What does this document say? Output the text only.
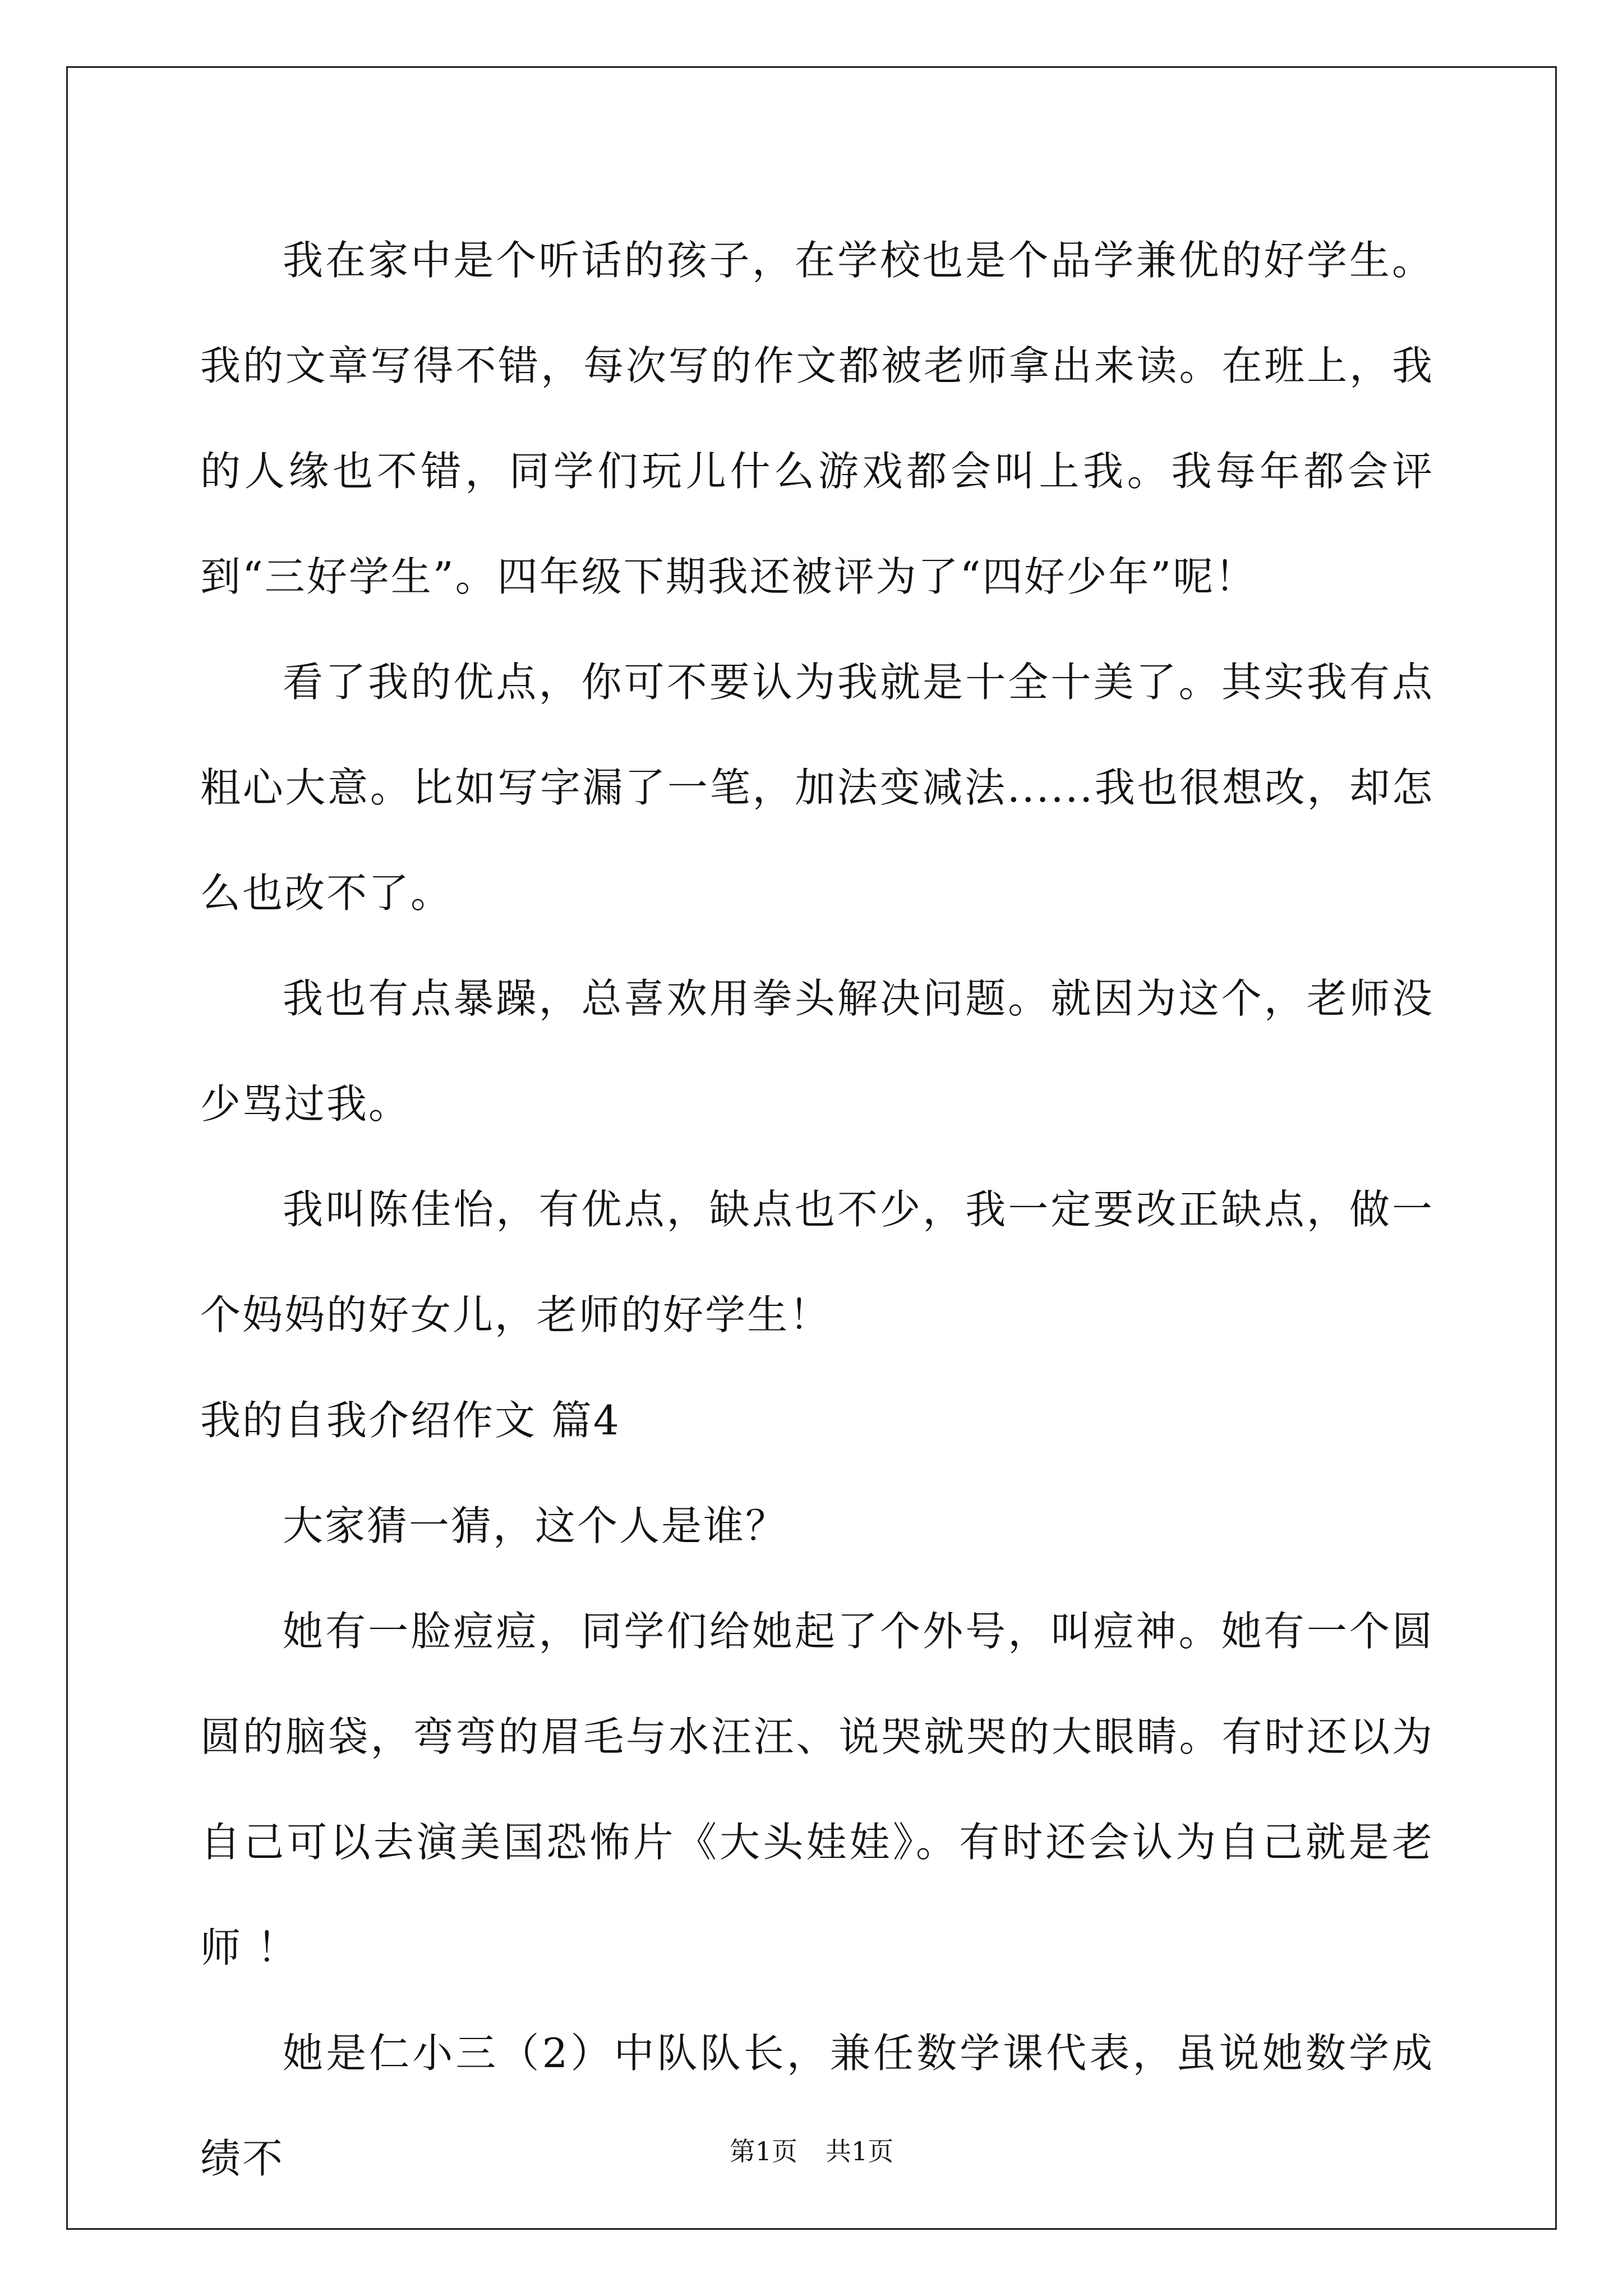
我在家中是个听话的孩子，在学校也是个品学兼优的好学生。我的文章写得不错，每次写的作文都被老师拿出来读。在班上，我的人缘也不错，同学们玩儿什么游戏都会叫上我。我每年都会评到“三好学生”。四年级下期我还被评为了“四好少年”呢！

看了我的优点，你可不要认为我就是十全十美了。其实我有点粗心大意。比如写字漏了一笔，加法变减法......我也很想改，却怎么也改不了。

我也有点暴躁，总喜欢用拳头解决问题。就因为这个，老师没少骂过我。

我叫陈佳怡，有优点，缺点也不少，我一定要改正缺点，做一个妈妈的好女儿，老师的好学生！

我的自我介绍作文 篇4

大家猜一猜，这个人是谁？

她有一脸痘痘，同学们给她起了个外号，叫痘神。她有一个圆圆的脑袋，弯弯的眉毛与水汪汪、说哭就哭的大眼睛。有时还以为自己可以去演美国恐怖片《大头娃娃》。有时还会认为自己就是老师 ！

她是仁小三（2）中队队长，兼任数学课代表，虽说她数学成绩不	第1页 共1页
